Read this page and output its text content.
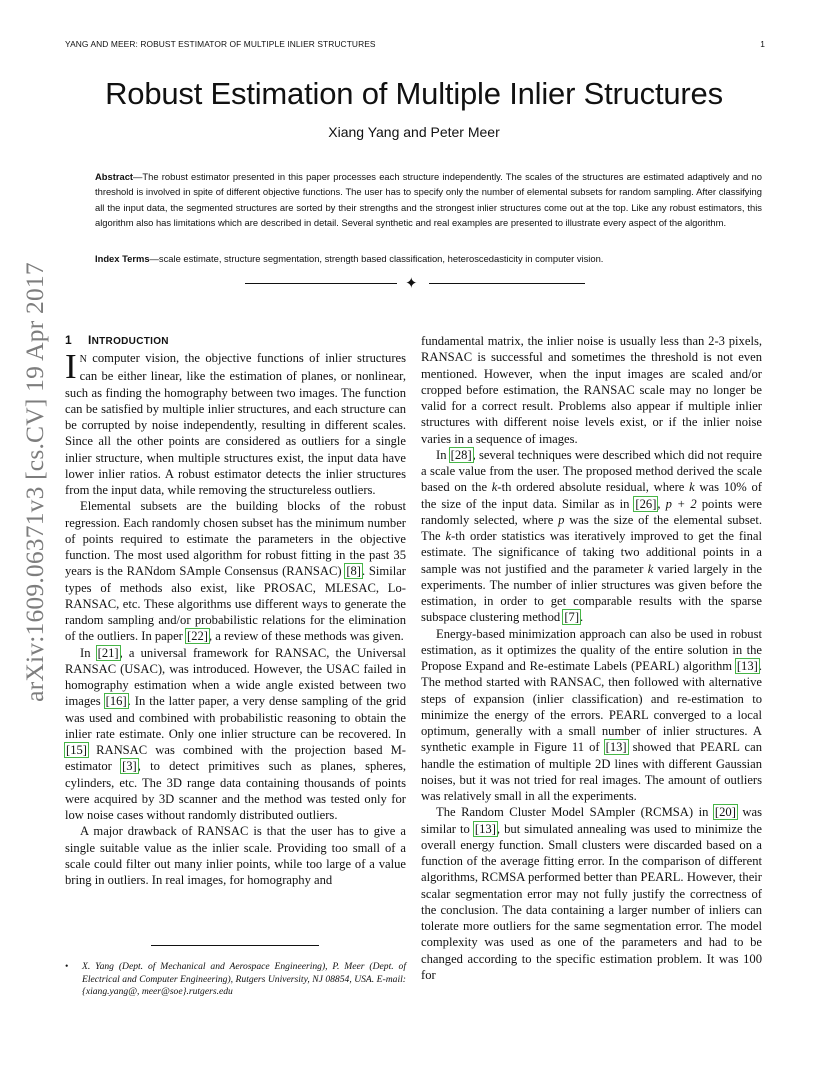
YANG AND MEER: ROBUST ESTIMATOR OF MULTIPLE INLIER STRUCTURES	1
Robust Estimation of Multiple Inlier Structures
Xiang Yang and Peter Meer
Abstract—The robust estimator presented in this paper processes each structure independently. The scales of the structures are estimated adaptively and no threshold is involved in spite of different objective functions. The user has to specify only the number of elemental subsets for random sampling. After classifying all the input data, the segmented structures are sorted by their strengths and the strongest inlier structures come out at the top. Like any robust estimators, this algorithm also has limitations which are described in detail. Several synthetic and real examples are presented to illustrate every aspect of the algorithm.
Index Terms—scale estimate, structure segmentation, strength based classification, heteroscedasticity in computer vision.
✦
arXiv:1609.06371v3 [cs.CV] 19 Apr 2017 1 INTRODUCTION

I N computer vision, the objective functions of inlier structures can be either linear, like the estimation of planes, or nonlinear, such as finding the homography between two images. The function can be satisfied by multiple inlier structures, and each structure can be corrupted by noise independently, resulting in different scales. Since all the other points are considered as outliers for a single inlier structure, when multiple structures exist, the input data have lower inlier ratios. A robust estimator detects the inlier structures from the input data, while removing the structureless outliers.

Elemental subsets are the building blocks of the robust regression. Each randomly chosen subset has the minimum number of points required to estimate the parameters in the objective function. The most used algorithm for robust fitting in the past 35 years is the RANdom SAmple Consensus (RANSAC) [8]. Similar types of methods also exist, like PROSAC, MLESAC, Lo-RANSAC, etc. These algorithms use different ways to generate the random sampling and/or probabilistic relations for the elimination of the outliers. In paper [22], a review of these methods was given.

In [21], a universal framework for RANSAC, the Universal RANSAC (USAC), was introduced. However, the USAC failed in homography estimation when a wide angle existed between two images [16]. In the latter paper, a very dense sampling of the grid was used and combined with probabilistic reasoning to obtain the inlier rate estimate. Only one inlier structure can be recovered. In [15] RANSAC was combined with the projection based M-estimator [3], to detect primitives such as planes, spheres, cylinders, etc. The 3D range data containing thousands of points were acquired by 3D scanner and the method was tested only for low noise cases without randomly distributed outliers.

A major drawback of RANSAC is that the user has to give a single suitable value as the inlier scale. Providing too small of a scale could filter out many inlier points, while too large of a value bring in outliers. In real images, for homography and

• X. Yang (Dept. of Mechanical and Aerospace Engineering), P. Meer (Dept. of Electrical and Computer Engineering), Rutgers University, NJ 08854, USA. E-mail: {xiang.yang@, meer@soe}.rutgers.edu

fundamental matrix, the inlier noise is usually less than 2-3 pixels, RANSAC is successful and sometimes the threshold is not even mentioned. However, when the input images are scaled and/or cropped before estimation, the RANSAC scale may no longer be valid for a correct result. Problems also appear if multiple inlier structures with different noise levels exist, or if the inlier noise varies in a sequence of images.

In [28], several techniques were described which did not require a scale value from the user. The proposed method derived the scale based on the k-th ordered absolute residual, where k was 10% of the size of the input data. Similar as in [26], p + 2 points were randomly selected, where p was the size of the elemental subset. The k-th order statistics was iteratively improved to get the final estimate. The significance of taking two additional points in a sample was not justified and the parameter k varied largely in the experiments. The number of inlier structures was given before the estimation, in order to get comparable results with the sparse subspace clustering method [7].

Energy-based minimization approach can also be used in robust estimation, as it optimizes the quality of the entire solution in the Propose Expand and Re-estimate Labels (PEARL) algorithm [13]. The method started with RANSAC, then followed with alternative steps of expansion (inlier classification) and re-estimation to minimize the energy of the errors. PEARL converged to a local optimum, generally with a small number of inlier structures. A synthetic example in Figure 11 of [13] showed that PEARL can handle the estimation of multiple 2D lines with different Gaussian noises, but it was not tried for real images. The amount of outliers was relatively small in all the experiments.

The Random Cluster Model SAmpler (RCMSA) in [20] was similar to [13], but simulated annealing was used to minimize the overall energy function. Small clusters were discarded based on a function of the average fitting error. In the comparison of different algorithms, RCMSA performed better than PEARL. However, their scalar segmentation error may not fully justify the correctness of the conclusion. The data containing a larger number of inliers can tolerate more outliers for the same segmentation error. The model complexity was used as one of the parameters and had to be changed according to the specific estimation problem. It was 100 for
